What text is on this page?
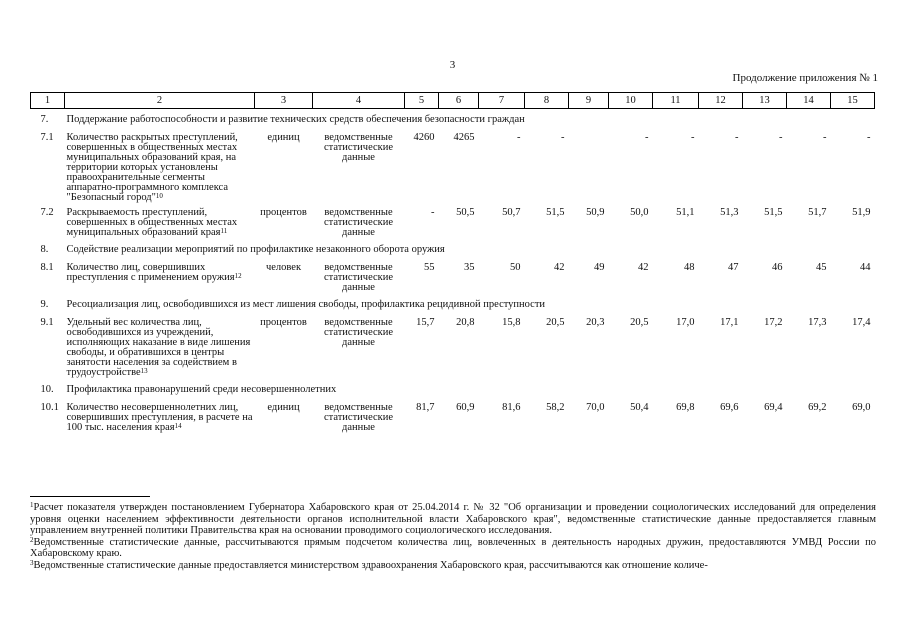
3
Продолжение приложения № 1
1	2	3	4	5	6	7	8	9	10	11	12	13	14	15
7.	Поддержание работоспособности и развитие технических средств обеспечения безопасности граждан													
7.1	Количество раскрытых преступлений, совершенных в общественных местах муниципальных образований края, на территории которых установлены правоохранительные сегменты аппаратно-программного комплекса "Безопасный город"$^{10}$	единиц	ведомственные статистические данные	4260	4265	-	-		-	-	-	-	-	-
7.2	Раскрываемость преступлений, совершенных в общественных местах муниципальных образований края$^{11}$	процентов	ведомственные статистические данные	-	50,5	50,7	51,5	50,9	50,0	51,1	51,3	51,5	51,7	51,9
8.	Содействие реализации мероприятий по профилактике незаконного оборота оружия													
8.1	Количество лиц, совершивших преступления с применением оружия$^{12}$	человек	ведомственные статистические данные	55	35	50	42	49	42	48	47	46	45	44
9.	Ресоциализация лиц, освободившихся из мест лишения свободы, профилактика рецидивной преступности													
9.1	Удельный вес количества лиц, освободившихся из учреждений, исполняющих наказание в виде лишения свободы, и обратившихся в центры занятости населения за содействием в трудоустройстве$^{13}$	процентов	ведомственные статистические данные	15,7	20,8	15,8	20,5	20,3	20,5	17,0	17,1	17,2	17,3	17,4
10.	Профилактика правонарушений среди несовершеннолетних													
10.1	Количество несовершеннолетних лиц, совершивших преступления, в расчете на 100 тыс. населения края$^{14}$	единиц	ведомственные статистические данные	81,7	60,9	81,6	58,2	70,0	50,4	69,8	69,6	69,4	69,2	69,0

$^1$Расчет показателя утвержден постановлением Губернатора Хабаровского края от 25.04.2014 г. № 32 "Об организации и проведении социологических исследований для определения уровня оценки населением эффективности деятельности органов исполнительной власти Хабаровского края", ведомственные статистические данные предоставляется главным управлением внутренней политики Правительства края на основании проводимого социологического исследования.

$^2$Ведомственные статистические данные, рассчитываются прямым подсчетом количества лиц, вовлеченных в деятельность народных дружин, предоставляются УМВД России по Хабаровскому краю.

$^3$Ведомственные статистические данные предоставляется министерством здравоохранения Хабаровского края, рассчитываются как отношение количе-
